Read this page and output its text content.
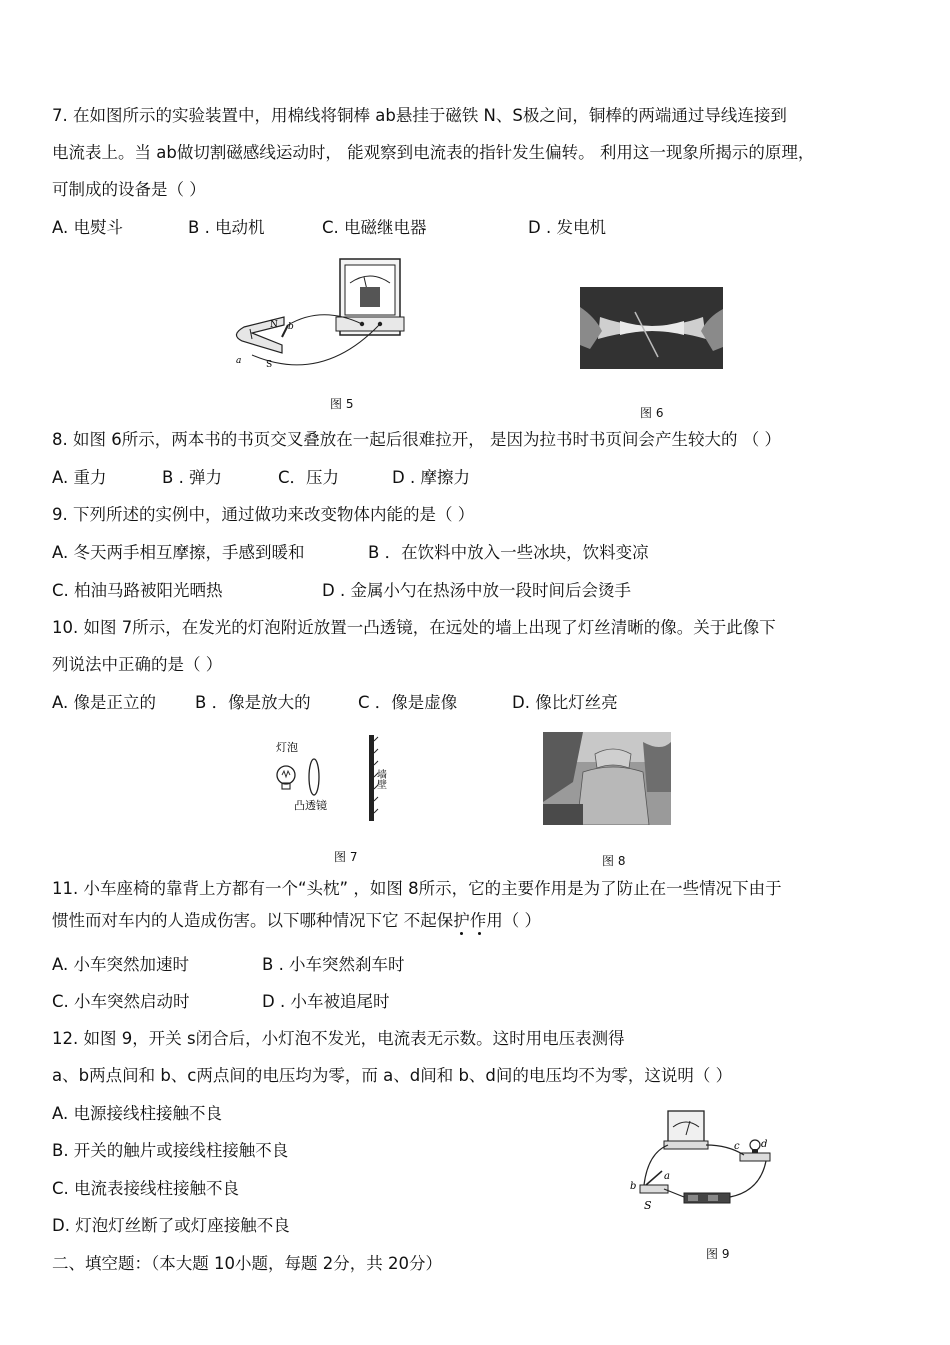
7. 在如图所示的实验装置中，用棉线将铜棒 ab悬挂于磁铁 N、S极之间，铜棒的两端通过导线连接到
电流表上。当 ab做切割磁感线运动时， 能观察到电流表的指针发生偏转。 利用这一现象所揭示的原理，
可制成的设备是（ ）
A. 电熨斗	B . 电动机	C. 电磁继电器	D . 发电机
N
S
a
b
图 5
图 6
8. 如图 6所示，两本书的书页交叉叠放在一起后很难拉开， 是因为拉书时书页间会产生较大的 （ ）
A. 重力	B . 弹力	C．压力	D . 摩擦力
9. 下列所述的实例中，通过做功来改变物体内能的是（ ）
A. 冬天两手相互摩擦，手感到暖和	B ．在饮料中放入一些冰块，饮料变凉
C. 柏油马路被阳光晒热	D . 金属小勺在热汤中放一段时间后会烫手
10. 如图 7所示，在发光的灯泡附近放置一凸透镜，在远处的墙上出现了灯丝清晰的像。关于此像下
列说法中正确的是（ ）
A. 像是正立的 B ．像是放大的	C ．像是虚像	D. 像比灯丝亮
灯泡
凸透镜
墙壁
图 7	图 8
11. 小车座椅的靠背上方都有一个“头枕” ，如图 8所示，它的主要作用是为了防止在一些情况下由于
惯性而对车内的人造成伤害。以下哪种情况下它 不起保护作用（ ）
A. 小车突然加速时	B . 小车突然刹车时
C. 小车突然启动时	D . 小车被追尾时
12. 如图 9，开关 s闭合后，小灯泡不发光，电流表无示数。这时用电压表测得
a、b两点间和 b、c两点间的电压均为零，而 a、d间和 b、d间的电压均不为零，这说明（ ）
A. 电源接线柱接触不良
B. 开关的触片或接线柱接触不良
C. 电流表接线柱接触不良
D. 灯泡灯丝断了或灯座接触不良
c d
a
b
S
图 9
二、填空题：（本大题 10小题，每题 2分，共 20分）
